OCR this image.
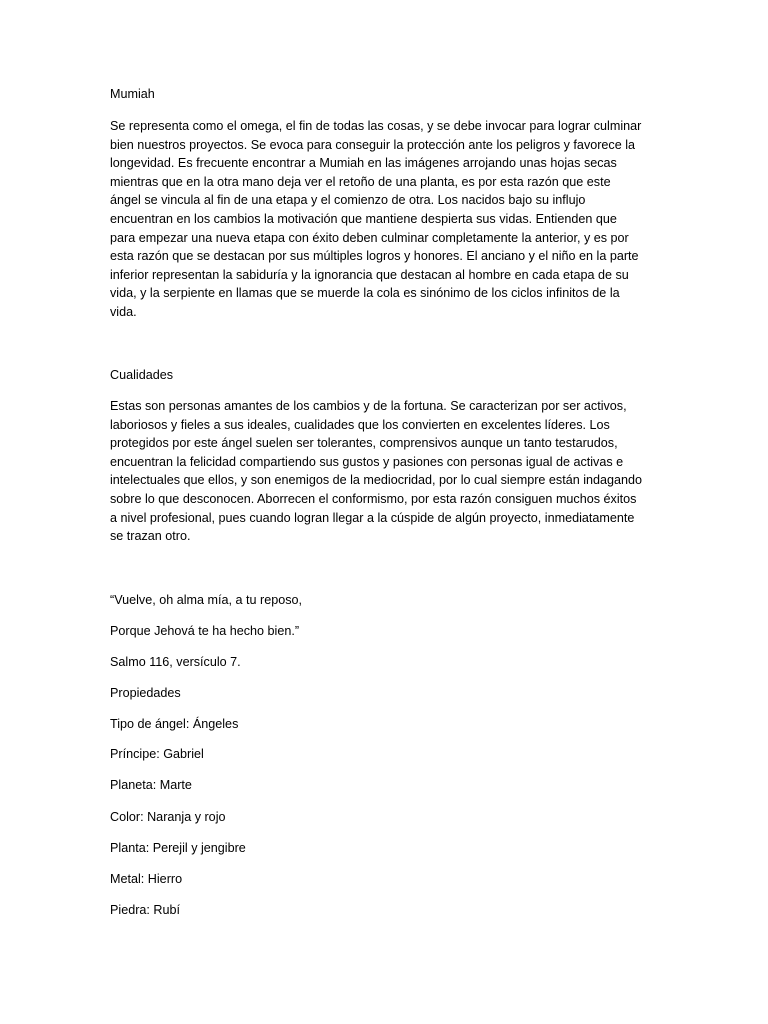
Mumiah

Se representa como el omega, el fin de todas las cosas, y se debe invocar para lograr culminar
bien nuestros proyectos. Se evoca para conseguir la protección ante los peligros y favorece la
longevidad. Es frecuente encontrar a Mumiah en las imágenes arrojando unas hojas secas
mientras que en la otra mano deja ver el retoño de una planta, es por esta razón que este
ángel se vincula al fin de una etapa y el comienzo de otra. Los nacidos bajo su influjo
encuentran en los cambios la motivación que mantiene despierta sus vidas. Entienden que
para empezar una nueva etapa con éxito deben culminar completamente la anterior, y es por
esta razón que se destacan por sus múltiples logros y honores. El anciano y el niño en la parte
inferior representan la sabiduría y la ignorancia que destacan al hombre en cada etapa de su
vida, y la serpiente en llamas que se muerde la cola es sinónimo de los ciclos infinitos de la
vida.

Cualidades

Estas son personas amantes de los cambios y de la fortuna. Se caracterizan por ser activos,
laboriosos y fieles a sus ideales, cualidades que los convierten en excelentes líderes. Los
protegidos por este ángel suelen ser tolerantes, comprensivos aunque un tanto testarudos,
encuentran la felicidad compartiendo sus gustos y pasiones con personas igual de activas e
intelectuales que ellos, y son enemigos de la mediocridad, por lo cual siempre están indagando
sobre lo que desconocen. Aborrecen el conformismo, por esta razón consiguen muchos éxitos
a nivel profesional, pues cuando logran llegar a la cúspide de algún proyecto, inmediatamente
se trazan otro.

“Vuelve, oh alma mía, a tu reposo,

Porque Jehová te ha hecho bien.”

Salmo 116, versículo 7.

Propiedades

Tipo de ángel: Ángeles

Príncipe: Gabriel

Planeta: Marte

Color: Naranja y rojo

Planta: Perejil y jengibre

Metal: Hierro

Piedra: Rubí
